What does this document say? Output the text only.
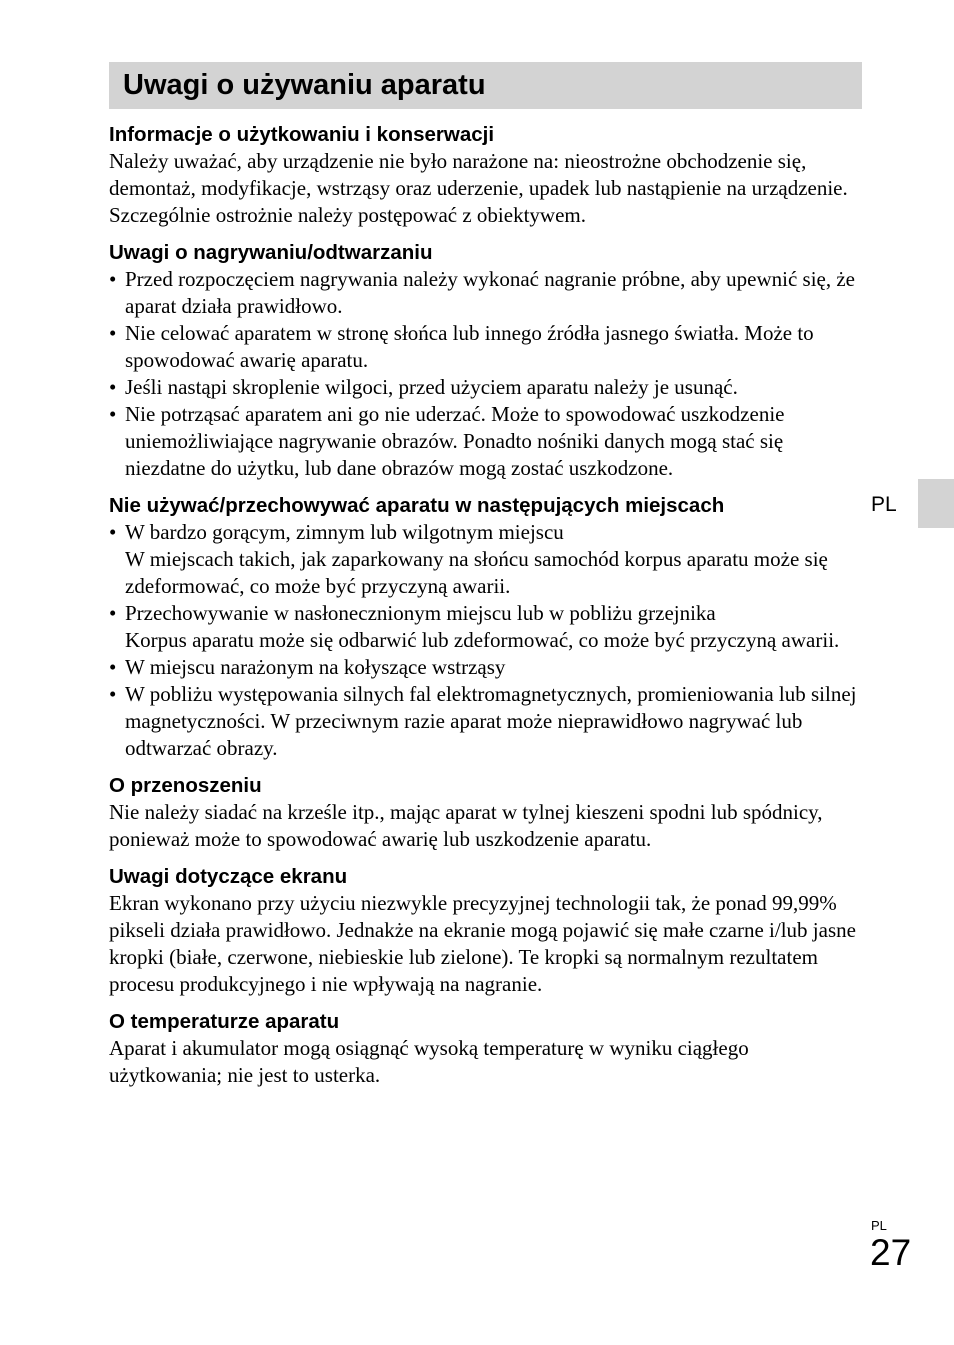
Uwagi o używaniu aparatu
Informacje o użytkowaniu i konserwacji

Należy uważać, aby urządzenie nie było narażone na: nieostrożne obchodzenie się, demontaż, modyfikacje, wstrząsy oraz uderzenie, upadek lub nastąpienie na urządzenie. Szczególnie ostrożnie należy postępować z obiektywem.

Uwagi o nagrywaniu/odtwarzaniu
• Przed rozpoczęciem nagrywania należy wykonać nagranie próbne, aby upewnić się, że aparat działa prawidłowo.
• Nie celować aparatem w stronę słońca lub innego źródła jasnego światła. Może to spowodować awarię aparatu.
• Jeśli nastąpi skroplenie wilgoci, przed użyciem aparatu należy je usunąć.
• Nie potrząsać aparatem ani go nie uderzać. Może to spowodować uszkodzenie uniemożliwiające nagrywanie obrazów. Ponadto nośniki danych mogą stać się niezdatne do użytku, lub dane obrazów mogą zostać uszkodzone.
Nie używać/przechowywać aparatu w następujących miejscach
• W bardzo gorącym, zimnym lub wilgotnym miejscu
W miejscach takich, jak zaparkowany na słońcu samochód korpus aparatu może się zdeformować, co może być przyczyną awarii.
• Przechowywanie w nasłonecznionym miejscu lub w pobliżu grzejnika
Korpus aparatu może się odbarwić lub zdeformować, co może być przyczyną awarii.
• W miejscu narażonym na kołyszące wstrząsy
• W pobliżu występowania silnych fal elektromagnetycznych, promieniowania lub silnej magnetyczności. W przeciwnym razie aparat może nieprawidłowo nagrywać lub odtwarzać obrazy.
O przenoszeniu

Nie należy siadać na krześle itp., mając aparat w tylnej kieszeni spodni lub spódnicy, ponieważ może to spowodować awarię lub uszkodzenie aparatu.

Uwagi dotyczące ekranu

Ekran wykonano przy użyciu niezwykle precyzyjnej technologii tak, że ponad 99,99% pikseli działa prawidłowo. Jednakże na ekranie mogą pojawić się małe czarne i/lub jasne kropki (białe, czerwone, niebieskie lub zielone). Te kropki są normalnym rezultatem procesu produkcyjnego i nie wpływają na nagranie.

O temperaturze aparatu

Aparat i akumulator mogą osiągnąć wysoką temperaturę w wyniku ciągłego użytkowania; nie jest to usterka.

PL
PL
27
